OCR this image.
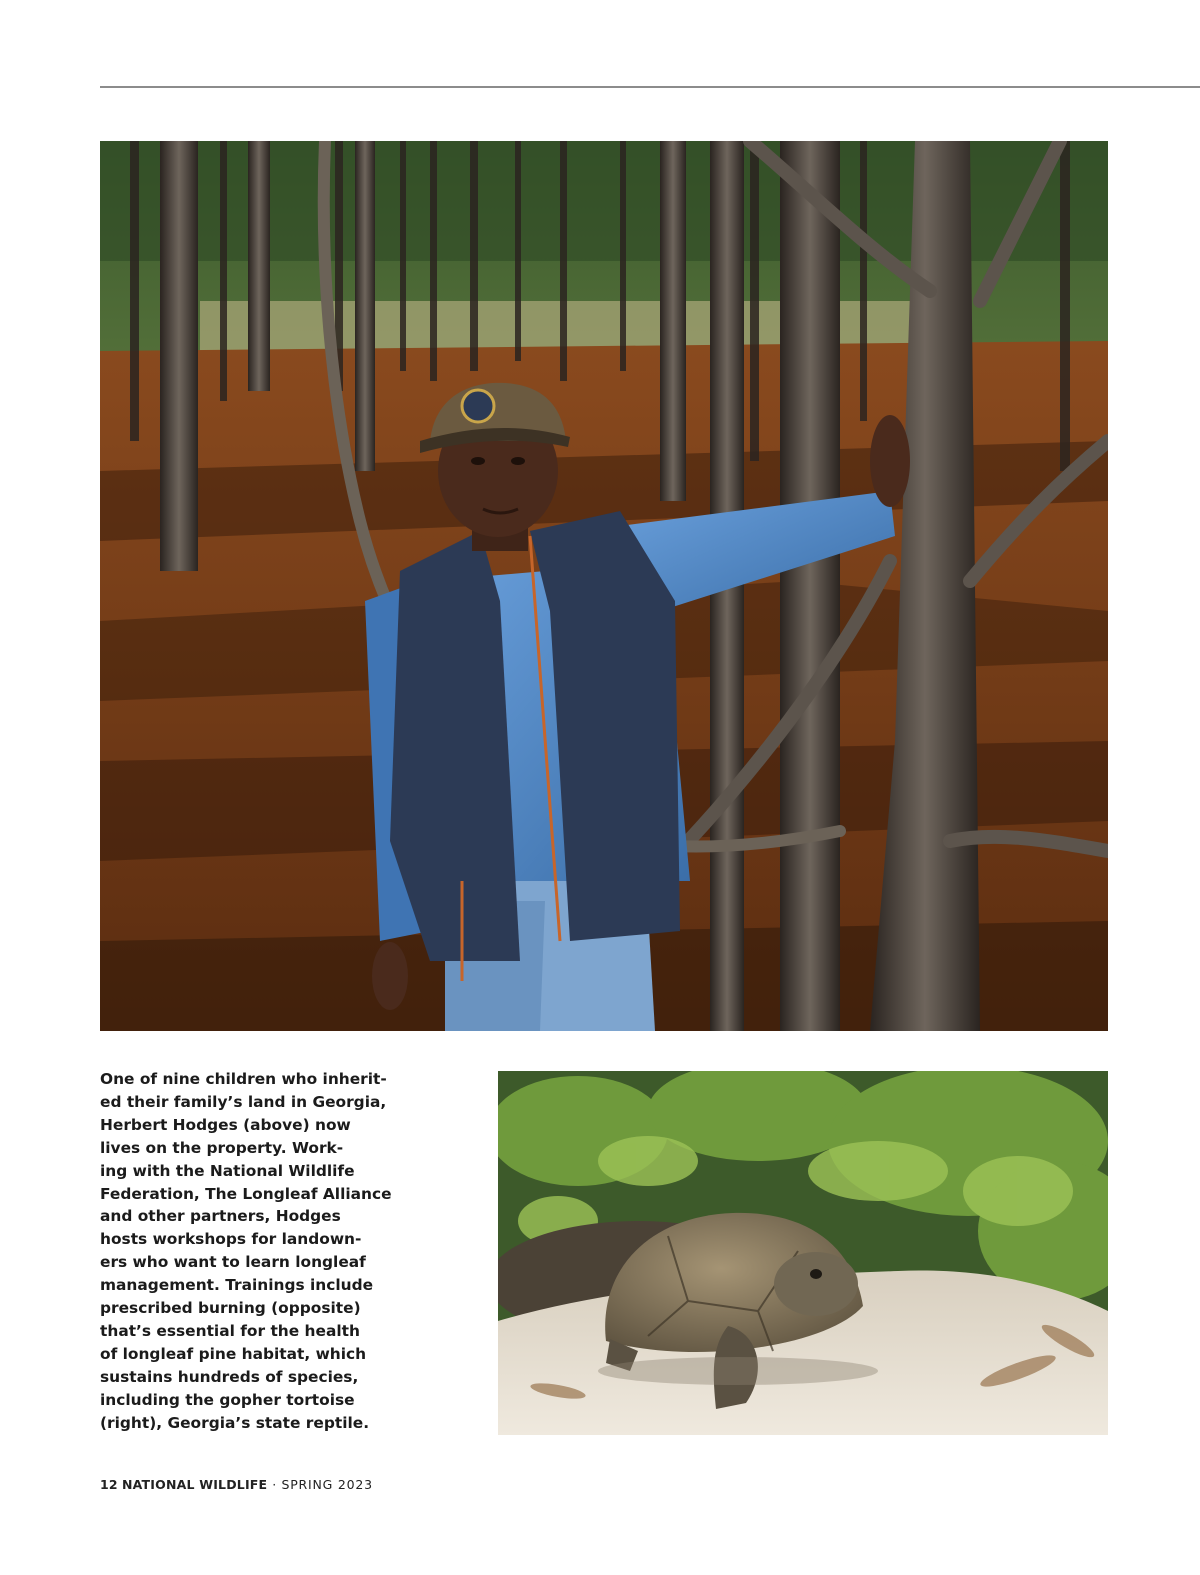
One of nine children who inherit-
ed their family’s land in Georgia,
Herbert Hodges (above) now
lives on the property. Work-
ing with the National Wildlife
Federation, The Longleaf Alliance
and other partners, Hodges
hosts workshops for landown-
ers who want to learn longleaf
management. Trainings include
prescribed burning (opposite)
that’s essential for the health
of longleaf pine habitat, which
sustains hundreds of species,
including the gopher tortoise
(right), Georgia’s state reptile.
12 NATIONAL WILDLIFE · SPRING 2023
